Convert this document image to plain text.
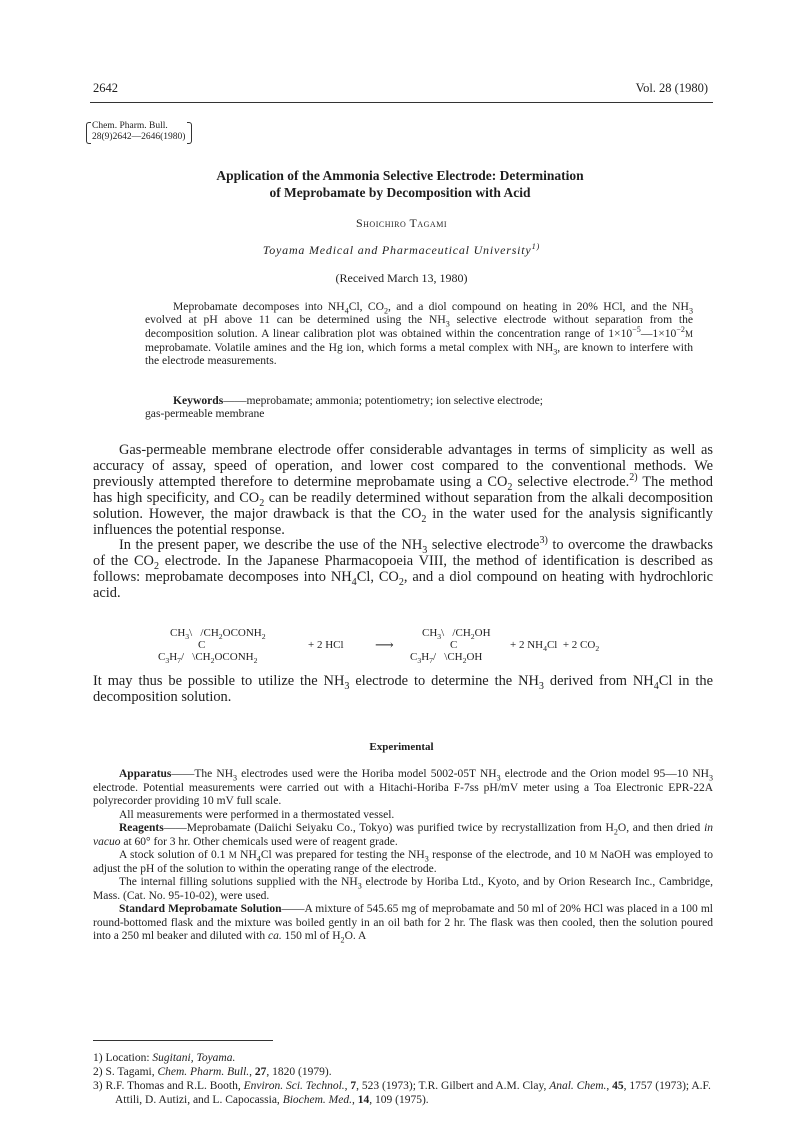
2642	Vol. 28 (1980)
Chem. Pharm. Bull.
28(9)2642—2646(1980)
Application of the Ammonia Selective Electrode: Determination
of Meprobamate by Decomposition with Acid
Shoichiro Tagami
Toyama Medical and Pharmaceutical University$^{1)}$
(Received March 13, 1980)

Meprobamate decomposes into $NH_4Cl$, $CO_2$, and a diol compound on heating in 20% HCl, and the $NH_3$ evolved at pH above 11 can be determined using the $NH_3$ selective electrode without separation from the decomposition solution. A linear calibration plot was obtained within the concentration range of $1\times 10^{-5}—1\times 10^{-2}M$ meprobamate. Volatile amines and the Hg ion, which forms a metal complex with $NH_3$, are known to interfere with the electrode measurements.

Keywords——meprobamate; ammonia; potentiometry; ion selective electrode;
gas-permeable membrane

Gas-permeable membrane electrode offer considerable advantages in terms of simplicity as well as accuracy of assay, speed of operation, and lower cost compared to the conventional methods. We previously attempted therefore to determine meprobamate using a $CO_2$ selective electrode.$^{2)}$ The method has high specificity, and $CO_2$ can be readily determined without separation from the alkali decomposition solution. However, the major drawback is that the $CO_2$ in the water used for the analysis significantly influences the potential response.

In the present paper, we describe the use of the $NH_3$ selective electrode$^{3)}$ to overcome the drawbacks of the $CO_2$ electrode. In the Japanese Pharmacopoeia VIII, the method of identification is described as follows: meprobamate decomposes into $NH_4Cl$, $CO_2$, and a diol compound on heating with hydrochloric acid.

$CH_3\backslash$   $/CH_2OCONH_2$
C
$C_3H_7/$   $\backslash CH_2OCONH_2$
+ 2 HCl ⟶
$CH_3\backslash$   $/CH_2OH$
C
$C_3H_7/$   $\backslash CH_2OH$
+ 2 $NH_4Cl + 2$ $CO_2$

It may thus be possible to utilize the $NH_3$ electrode to determine the $NH_3$ derived from $NH_4Cl$ in the decomposition solution.

Experimental

Apparatus——The $NH_3$ electrodes used were the Horiba model 5002-05T $NH_3$ electrode and the Orion model 95—10 $NH_3$ electrode. Potential measurements were carried out with a Hitachi-Horiba F-7ss pH/mV meter using a Toa Electronic EPR-22A polyrecorder providing 10 mV full scale.

All measurements were performed in a thermostated vessel.

Reagents——Meprobamate (Daiichi Seiyaku Co., Tokyo) was purified twice by recrystallization from $H_2O$, and then dried in vacuo at 60° for 3 hr. Other chemicals used were of reagent grade.

A stock solution of 0.1 M $NH_4Cl$ was prepared for testing the $NH_3$ response of the electrode, and 10 M NaOH was employed to adjust the pH of the solution to within the operating range of the electrode.

The internal filling solutions supplied with the $NH_3$ electrode by Horiba Ltd., Kyoto, and by Orion Research Inc., Cambridge, Mass. (Cat. No. 95-10-02), were used.

Standard Meprobamate Solution——A mixture of 545.65 mg of meprobamate and 50 ml of 20% HCl was placed in a 100 ml round-bottomed flask and the mixture was boiled gently in an oil bath for 2 hr. The flask was then cooled, then the solution poured into a 250 ml beaker and diluted with ca. 150 ml of $H_2O$. A

1) Location: Sugitani, Toyama.

2) S. Tagami, Chem. Pharm. Bull., 27, 1820 (1979).

3) R.F. Thomas and R.L. Booth, Environ. Sci. Technol., 7, 523 (1973); T.R. Gilbert and A.M. Clay, Anal. Chem., 45, 1757 (1973); A.F. Attili, D. Autizi, and L. Capocassia, Biochem. Med., 14, 109 (1975).
